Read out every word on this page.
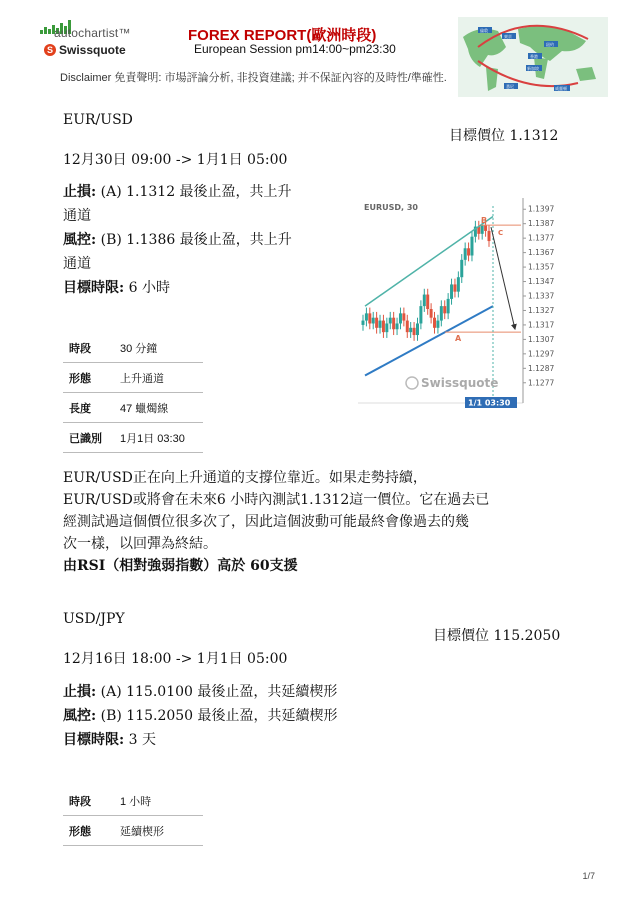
autochartist™
S Swissquote
FOREX REPORT(歐洲時段)
European Session pm14:00~pm23:30
倫敦
東京
紐約
香港
新加坡
悉尼	威靈頓
Disclaimer 免責聲明: 市場評論分析, 非投資建議; 并不保証內容的及時性/準確性.
EUR/USD
目標價位 1.1312
12月30日 09:00 -> 1月1日 05:00
止損: (A) 1.1312 最後止盈，共上升
通道
風控: (B) 1.1386 最後止盈，共上升
通道
目標時限: 6 小時
時段	30 分鐘
形態	上升通道
長度	47 蠟燭線
已識別	1月1日 03:30
EURUSD, 30	1.1397
1.1387
1.1377
1.1367
1.1357
1.1347
1.1337
1.1327
1.1317
1.1307
1.1297
1.1287
1.1277
A
B
C
Swissquote
1/1 03:30
EUR/USD正在向上升通道的支撐位靠近。如果走勢持續，
EUR/USD或將會在未來6 小時內測試1.1312這一價位。它在過去已
經測試過這個價位很多次了，因此這個波動可能最終會像過去的幾
次一樣，以回彈為終結。
由RSI（相對強弱指數）高於 60支援
USD/JPY
目標價位 115.2050
12月16日 18:00 -> 1月1日 05:00
止損: (A) 115.0100 最後止盈，共延續楔形
風控: (B) 115.2050 最後止盈，共延續楔形
目標時限: 3 天
時段	1 小時
形態	延續楔形
1/7
